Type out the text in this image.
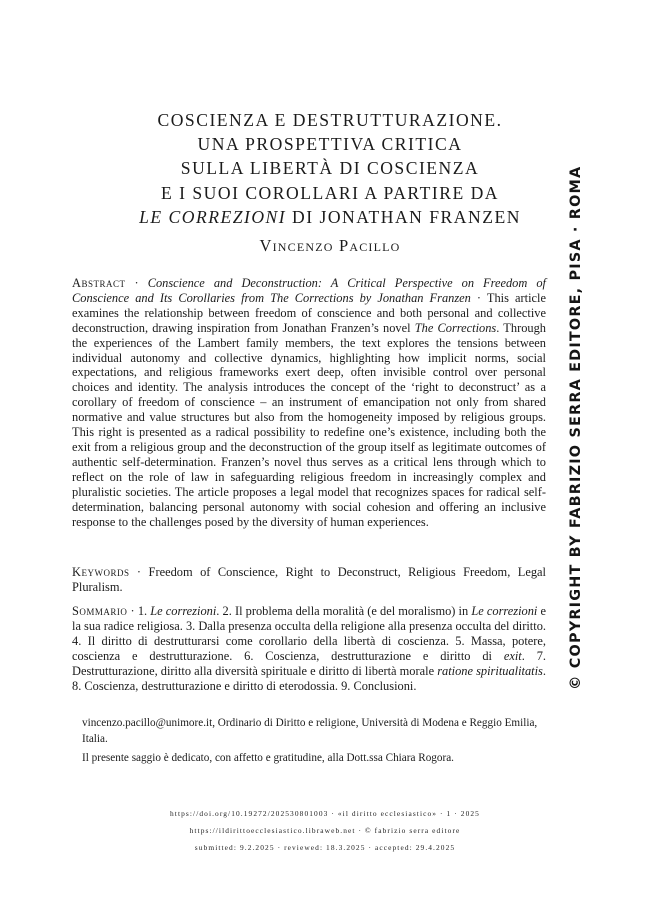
COSCIENZA E DESTRUTTURAZIONE.
UNA PROSPETTIVA CRITICA
SULLA LIBERTÀ DI COSCIENZA
E I SUOI COROLLARI A PARTIRE DA
LE CORREZIONI DI JONATHAN FRANZEN
Vincenzo Pacillo
Abstract · Conscience and Deconstruction: A Critical Perspective on Freedom of Conscience and Its Corollaries from The Corrections by Jonathan Franzen · This article examines the relationship between freedom of conscience and both personal and collective deconstruction, drawing inspiration from Jonathan Franzen’s novel The Corrections. Through the experiences of the Lambert family members, the text explores the tensions between individual autonomy and collective dynamics, highlighting how implicit norms, social expectations, and religious frameworks exert deep, often invisible control over personal choices and identity. The analysis introduces the concept of the ‘right to deconstruct’ as a corollary of freedom of conscience – an instrument of emancipation not only from shared normative and value structures but also from the homogeneity imposed by religious groups. This right is presented as a radical possibility to redefine one’s existence, including both the exit from a religious group and the deconstruction of the group itself as legitimate outcomes of authentic self-determination. Franzen’s novel thus serves as a critical lens through which to reflect on the role of law in safeguarding religious freedom in increasingly complex and pluralistic societies. The article proposes a legal model that recognizes spaces for radical self-determination, balancing personal autonomy with social cohesion and offering an inclusive response to the challenges posed by the diversity of human experiences.
Keywords · Freedom of Conscience, Right to Deconstruct, Religious Freedom, Legal Pluralism.
Sommario · 1. Le correzioni. 2. Il problema della moralità (e del moralismo) in Le correzioni e la sua radice religiosa. 3. Dalla presenza occulta della religione alla presenza occulta del diritto. 4. Il diritto di destrutturarsi come corollario della libertà di coscienza. 5. Massa, potere, coscienza e destrutturazione. 6. Coscienza, destrutturazione e diritto di exit. 7. Destrutturazione, diritto alla diversità spirituale e diritto di libertà morale ratione spiritualitatis. 8. Coscienza, destrutturazione e diritto di eterodossia. 9. Conclusioni.
vincenzo.pacillo@unimore.it, Ordinario di Diritto e religione, Università di Modena e Reggio Emilia, Italia.
Il presente saggio è dedicato, con affetto e gratitudine, alla Dott.ssa Chiara Rogora.
https://doi.org/10.19272/202530801003 · «il diritto ecclesiastico» · 1 · 2025
https://ildirittoecclesiastico.libraweb.net · © fabrizio serra editore
submitted: 9.2.2025 · reviewed: 18.3.2025 · accepted: 29.4.2025
© COPYRIGHT BY FABRIZIO SERRA EDITORE, PISA · ROMA
